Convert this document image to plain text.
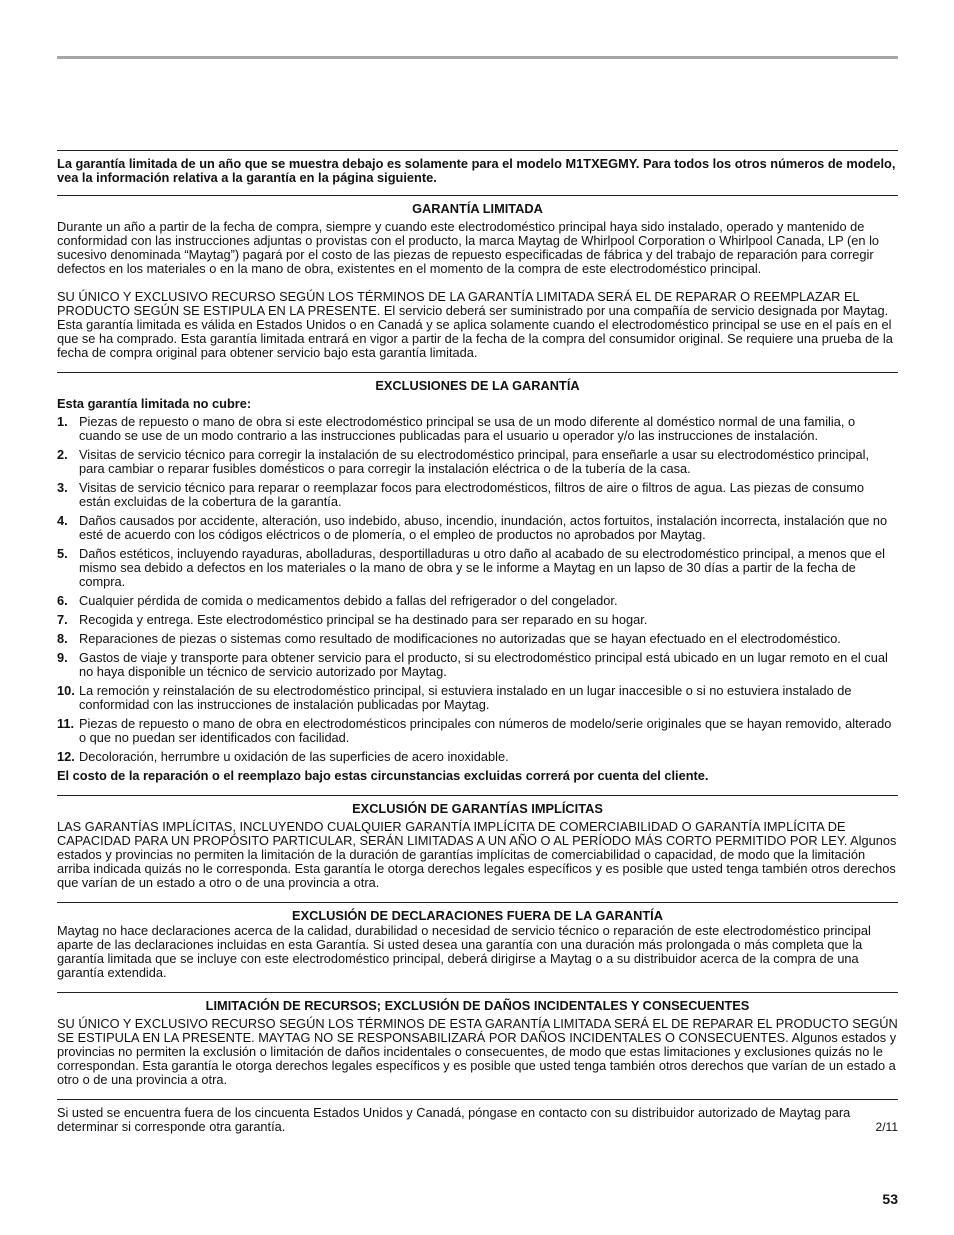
La garantía limitada de un año que se muestra debajo es solamente para el modelo M1TXEGMY. Para todos los otros números de modelo, vea la información relativa a la garantía en la página siguiente.
GARANTÍA LIMITADA

Durante un año a partir de la fecha de compra, siempre y cuando este electrodoméstico principal haya sido instalado, operado y mantenido de conformidad con las instrucciones adjuntas o provistas con el producto, la marca Maytag de Whirlpool Corporation o Whirlpool Canada, LP (en lo sucesivo denominada “Maytag”) pagará por el costo de las piezas de repuesto especificadas de fábrica y del trabajo de reparación para corregir defectos en los materiales o en la mano de obra, existentes en el momento de la compra de este electrodoméstico principal.

SU ÚNICO Y EXCLUSIVO RECURSO SEGÚN LOS TÉRMINOS DE LA GARANTÍA LIMITADA SERÁ EL DE REPARAR O REEMPLAZAR EL PRODUCTO SEGÚN SE ESTIPULA EN LA PRESENTE. El servicio deberá ser suministrado por una compañía de servicio designada por Maytag. Esta garantía limitada es válida en Estados Unidos o en Canadá y se aplica solamente cuando el electrodoméstico principal se use en el país en el que se ha comprado. Esta garantía limitada entrará en vigor a partir de la fecha de la compra del consumidor original. Se requiere una prueba de la fecha de compra original para obtener servicio bajo esta garantía limitada.

EXCLUSIONES DE LA GARANTÍA

Esta garantía limitada no cubre:

1. Piezas de repuesto o mano de obra si este electrodoméstico principal se usa de un modo diferente al doméstico normal de una familia, o cuando se use de un modo contrario a las instrucciones publicadas para el usuario u operador y/o las instrucciones de instalación.
2. Visitas de servicio técnico para corregir la instalación de su electrodoméstico principal, para enseñarle a usar su electrodoméstico principal, para cambiar o reparar fusibles domésticos o para corregir la instalación eléctrica o de la tubería de la casa.
3. Visitas de servicio técnico para reparar o reemplazar focos para electrodomésticos, filtros de aire o filtros de agua. Las piezas de consumo están excluidas de la cobertura de la garantía.
4. Daños causados por accidente, alteración, uso indebido, abuso, incendio, inundación, actos fortuitos, instalación incorrecta, instalación que no esté de acuerdo con los códigos eléctricos o de plomería, o el empleo de productos no aprobados por Maytag.
5. Daños estéticos, incluyendo rayaduras, abolladuras, desportilladuras u otro daño al acabado de su electrodoméstico principal, a menos que el mismo sea debido a defectos en los materiales o la mano de obra y se le informe a Maytag en un lapso de 30 días a partir de la fecha de compra.
6. Cualquier pérdida de comida o medicamentos debido a fallas del refrigerador o del congelador.
7. Recogida y entrega. Este electrodoméstico principal se ha destinado para ser reparado en su hogar.
8. Reparaciones de piezas o sistemas como resultado de modificaciones no autorizadas que se hayan efectuado en el electrodoméstico.
9. Gastos de viaje y transporte para obtener servicio para el producto, si su electrodoméstico principal está ubicado en un lugar remoto en el cual no haya disponible un técnico de servicio autorizado por Maytag.
10. La remoción y reinstalación de su electrodoméstico principal, si estuviera instalado en un lugar inaccesible o si no estuviera instalado de conformidad con las instrucciones de instalación publicadas por Maytag.
11. Piezas de repuesto o mano de obra en electrodomésticos principales con números de modelo/serie originales que se hayan removido, alterado o que no puedan ser identificados con facilidad.
12. Decoloración, herrumbre u oxidación de las superficies de acero inoxidable.

El costo de la reparación o el reemplazo bajo estas circunstancias excluidas correrá por cuenta del cliente.

EXCLUSIÓN DE GARANTÍAS IMPLÍCITAS

LAS GARANTÍAS IMPLÍCITAS, INCLUYENDO CUALQUIER GARANTÍA IMPLÍCITA DE COMERCIABILIDAD O GARANTÍA IMPLÍCITA DE CAPACIDAD PARA UN PROPÓSITO PARTICULAR, SERÁN LIMITADAS A UN AÑO O AL PERÍODO MÁS CORTO PERMITIDO POR LEY. Algunos estados y provincias no permiten la limitación de la duración de garantías implícitas de comerciabilidad o capacidad, de modo que la limitación arriba indicada quizás no le corresponda. Esta garantía le otorga derechos legales específicos y es posible que usted tenga también otros derechos que varían de un estado a otro o de una provincia a otra.

EXCLUSIÓN DE DECLARACIONES FUERA DE LA GARANTÍA

Maytag no hace declaraciones acerca de la calidad, durabilidad o necesidad de servicio técnico o reparación de este electrodoméstico principal aparte de las declaraciones incluidas en esta Garantía. Si usted desea una garantía con una duración más prolongada o más completa que la garantía limitada que se incluye con este electrodoméstico principal, deberá dirigirse a Maytag o a su distribuidor acerca de la compra de una garantía extendida.

LIMITACIÓN DE RECURSOS; EXCLUSIÓN DE DAÑOS INCIDENTALES Y CONSECUENTES

SU ÚNICO Y EXCLUSIVO RECURSO SEGÚN LOS TÉRMINOS DE ESTA GARANTÍA LIMITADA SERÁ EL DE REPARAR EL PRODUCTO SEGÚN SE ESTIPULA EN LA PRESENTE. MAYTAG NO SE RESPONSABILIZARÁ POR DAÑOS INCIDENTALES O CONSECUENTES. Algunos estados y provincias no permiten la exclusión o limitación de daños incidentales o consecuentes, de modo que estas limitaciones y exclusiones quizás no le correspondan. Esta garantía le otorga derechos legales específicos y es posible que usted tenga también otros derechos que varían de un estado a otro o de una provincia a otra.

Si usted se encuentra fuera de los cincuenta Estados Unidos y Canadá, póngase en contacto con su distribuidor autorizado de Maytag para determinar si corresponde otra garantía.	2/11
53
